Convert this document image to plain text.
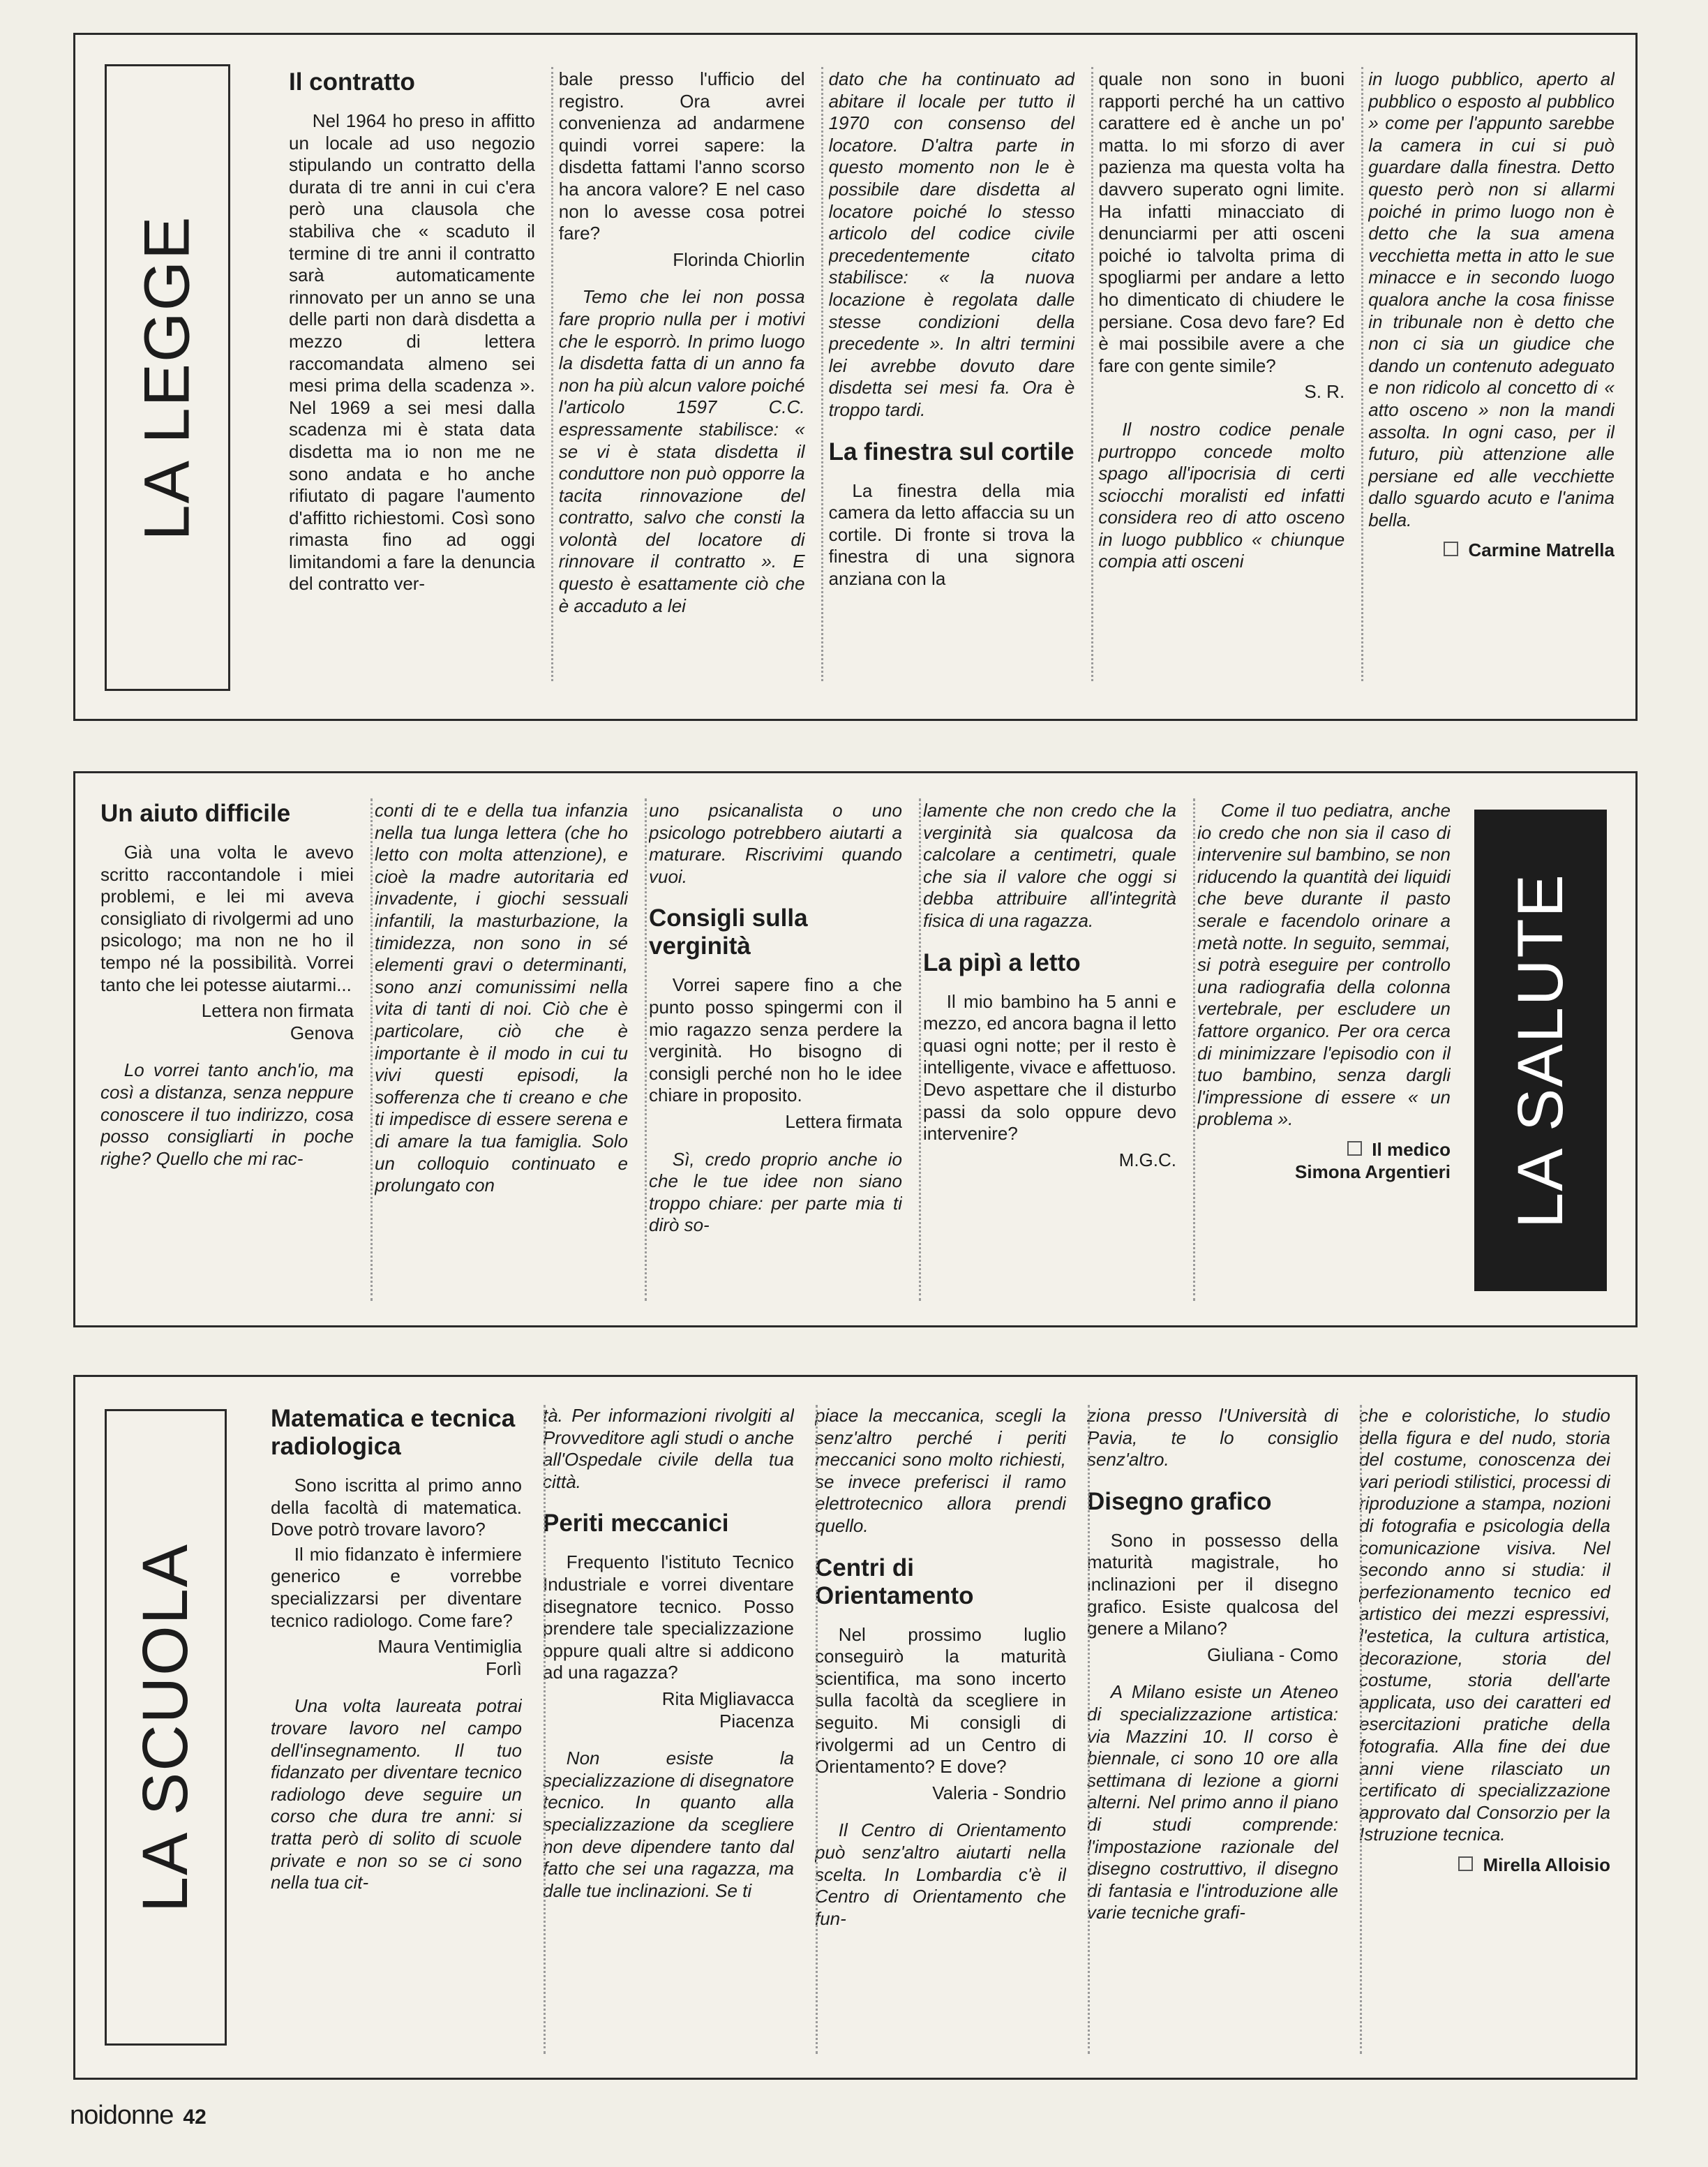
LA LEGGE
Il contratto

Nel 1964 ho preso in affitto un locale ad uso negozio stipulando un contratto della durata di tre anni in cui c'era però una clausola che stabiliva che « scaduto il termine di tre anni il contratto sarà automaticamente rinnovato per un anno se una delle parti non darà disdetta a mezzo di lettera raccomandata almeno sei mesi prima della scadenza ». Nel 1969 a sei mesi dalla scadenza mi è stata data disdetta ma io non me ne sono andata e ho anche rifiutato di pagare l'aumento d'affitto richiestomi. Così sono rimasta fino ad oggi limitandomi a fare la denuncia del contratto ver-

bale presso l'ufficio del registro. Ora avrei convenienza ad andarmene quindi vorrei sapere: la disdetta fattami l'anno scorso ha ancora valore? E nel caso non lo avesse cosa potrei fare?

Florinda Chiorlin

Temo che lei non possa fare proprio nulla per i motivi che le esporrò. In primo luogo la disdetta fatta di un anno fa non ha più alcun valore poiché l'articolo 1597 C.C. espressamente stabilisce: « se vi è stata disdetta il conduttore non può opporre la tacita rinnovazione del contratto, salvo che consti la volontà del locatore di rinnovare il contratto ». E questo è esattamente ciò che è accaduto a lei

dato che ha continuato ad abitare il locale per tutto il 1970 con consenso del locatore. D'altra parte in questo momento non le è possibile dare disdetta al locatore poiché lo stesso articolo del codice civile precedentemente citato stabilisce: « la nuova locazione è regolata dalle stesse condizioni della precedente ». In altri termini lei avrebbe dovuto dare disdetta sei mesi fa. Ora è troppo tardi.

La finestra sul cortile

La finestra della mia camera da letto affaccia su un cortile. Di fronte si trova la finestra di una signora anziana con la

quale non sono in buoni rapporti perché ha un cattivo carattere ed è anche un po' matta. Io mi sforzo di aver pazienza ma questa volta ha davvero superato ogni limite. Ha infatti minacciato di denunciarmi per atti osceni poiché io talvolta prima di spogliarmi per andare a letto ho dimenticato di chiudere le persiane. Cosa devo fare? Ed è mai possibile avere a che fare con gente simile?

S. R.

Il nostro codice penale purtroppo concede molto spago all'ipocrisia di certi sciocchi moralisti ed infatti considera reo di atto osceno in luogo pubblico « chiunque compia atti osceni

in luogo pubblico, aperto al pubblico o esposto al pubblico » come per l'appunto sarebbe la camera in cui si può guardare dalla finestra. Detto questo però non si allarmi poiché in primo luogo non è detto che la sua amena vecchietta metta in atto le sue minacce e in secondo luogo qualora anche la cosa finisse in tribunale non è detto che non ci sia un giudice che dando un contenuto adeguato e non ridicolo al concetto di « atto osceno » non la mandi assolta. In ogni caso, per il futuro, più attenzione alle persiane ed alle vecchiette dallo sguardo acuto e l'anima bella.

Carmine Matrella
Un aiuto difficile

Già una volta le avevo scritto raccontandole i miei problemi, e lei mi aveva consigliato di rivolgermi ad uno psicologo; ma non ne ho il tempo né la possibilità. Vorrei tanto che lei potesse aiutarmi...

Lettera non firmata
Genova

Lo vorrei tanto anch'io, ma così a distanza, senza neppure conoscere il tuo indirizzo, cosa posso consigliarti in poche righe? Quello che mi rac-

conti di te e della tua infanzia nella tua lunga lettera (che ho letto con molta attenzione), e cioè la madre autoritaria ed invadente, i giochi sessuali infantili, la masturbazione, la timidezza, non sono in sé elementi gravi o determinanti, sono anzi comunissimi nella vita di tanti di noi. Ciò che è particolare, ciò che è importante è il modo in cui tu vivi questi episodi, la sofferenza che ti creano e che ti impedisce di essere serena e di amare la tua famiglia. Solo un colloquio continuato e prolungato con

uno psicanalista o uno psicologo potrebbero aiutarti a maturare. Riscrivimi quando vuoi.

Consigli sulla verginità

Vorrei sapere fino a che punto posso spingermi con il mio ragazzo senza perdere la verginità. Ho bisogno di consigli perché non ho le idee chiare in proposito.

Lettera firmata

Sì, credo proprio anche io che le tue idee non siano troppo chiare: per parte mia ti dirò so-

lamente che non credo che la verginità sia qualcosa da calcolare a centimetri, quale che sia il valore che oggi si debba attribuire all'integrità fisica di una ragazza.

La pipì a letto

Il mio bambino ha 5 anni e mezzo, ed ancora bagna il letto quasi ogni notte; per il resto è intelligente, vivace e affettuoso. Devo aspettare che il disturbo passi da solo oppure devo intervenire?

M.G.C.

Come il tuo pediatra, anche io credo che non sia il caso di intervenire sul bambino, se non riducendo la quantità dei liquidi che beve durante il pasto serale e facendolo orinare a metà notte. In seguito, semmai, si potrà eseguire per controllo una radiografia della colonna vertebrale, per escludere un fattore organico. Per ora cerca di minimizzare l'episodio con il tuo bambino, senza dargli l'impressione di essere « un problema ».

Il medico
Simona Argentieri LA SALUTE
LA SCUOLA
Matematica e tecnica radiologica

Sono iscritta al primo anno della facoltà di matematica. Dove potrò trovare lavoro?

Il mio fidanzato è infermiere generico e vorrebbe specializzarsi per diventare tecnico radiologo. Come fare?

Maura Ventimiglia
Forlì

Una volta laureata potrai trovare lavoro nel campo dell'insegnamento. Il tuo fidanzato per diventare tecnico radiologo deve seguire un corso che dura tre anni: si tratta però di solito di scuole private e non so se ci sono nella tua cit-

tà. Per informazioni rivolgiti al Provveditore agli studi o anche all'Ospedale civile della tua città.

Periti meccanici

Frequento l'istituto Tecnico Industriale e vorrei diventare disegnatore tecnico. Posso prendere tale specializzazione oppure quali altre si addicono ad una ragazza?

Rita Migliavacca
Piacenza

Non esiste la specializzazione di disegnatore tecnico. In quanto alla specializzazione da scegliere non deve dipendere tanto dal fatto che sei una ragazza, ma dalle tue inclinazioni. Se ti

piace la meccanica, scegli la senz'altro perché i periti meccanici sono molto richiesti, se invece preferisci il ramo elettrotecnico allora prendi quello.

Centri di Orientamento

Nel prossimo luglio conseguirò la maturità scientifica, ma sono incerto sulla facoltà da scegliere in seguito. Mi consigli di rivolgermi ad un Centro di Orientamento? E dove?

Valeria - Sondrio

Il Centro di Orientamento può senz'altro aiutarti nella scelta. In Lombardia c'è il Centro di Orientamento che fun-

ziona presso l'Università di Pavia, te lo consiglio senz'altro.

Disegno grafico

Sono in possesso della maturità magistrale, ho inclinazioni per il disegno grafico. Esiste qualcosa del genere a Milano?

Giuliana - Como

A Milano esiste un Ateneo di specializzazione artistica: via Mazzini 10. Il corso è biennale, ci sono 10 ore alla settimana di lezione a giorni alterni. Nel primo anno il piano di studi comprende: l'impostazione razionale del disegno costruttivo, il disegno di fantasia e l'introduzione alle varie tecniche grafi-

che e coloristiche, lo studio della figura e del nudo, storia del costume, conoscenza dei vari periodi stilistici, processi di riproduzione a stampa, nozioni di fotografia e psicologia della comunicazione visiva. Nel secondo anno si studia: il perfezionamento tecnico ed artistico dei mezzi espressivi, l'estetica, la cultura artistica, decorazione, storia del costume, storia dell'arte applicata, uso dei caratteri ed esercitazioni pratiche della fotografia. Alla fine dei due anni viene rilasciato un certificato di specializzazione approvato dal Consorzio per la Istruzione tecnica.

Mirella Alloisio
noidonne 42
